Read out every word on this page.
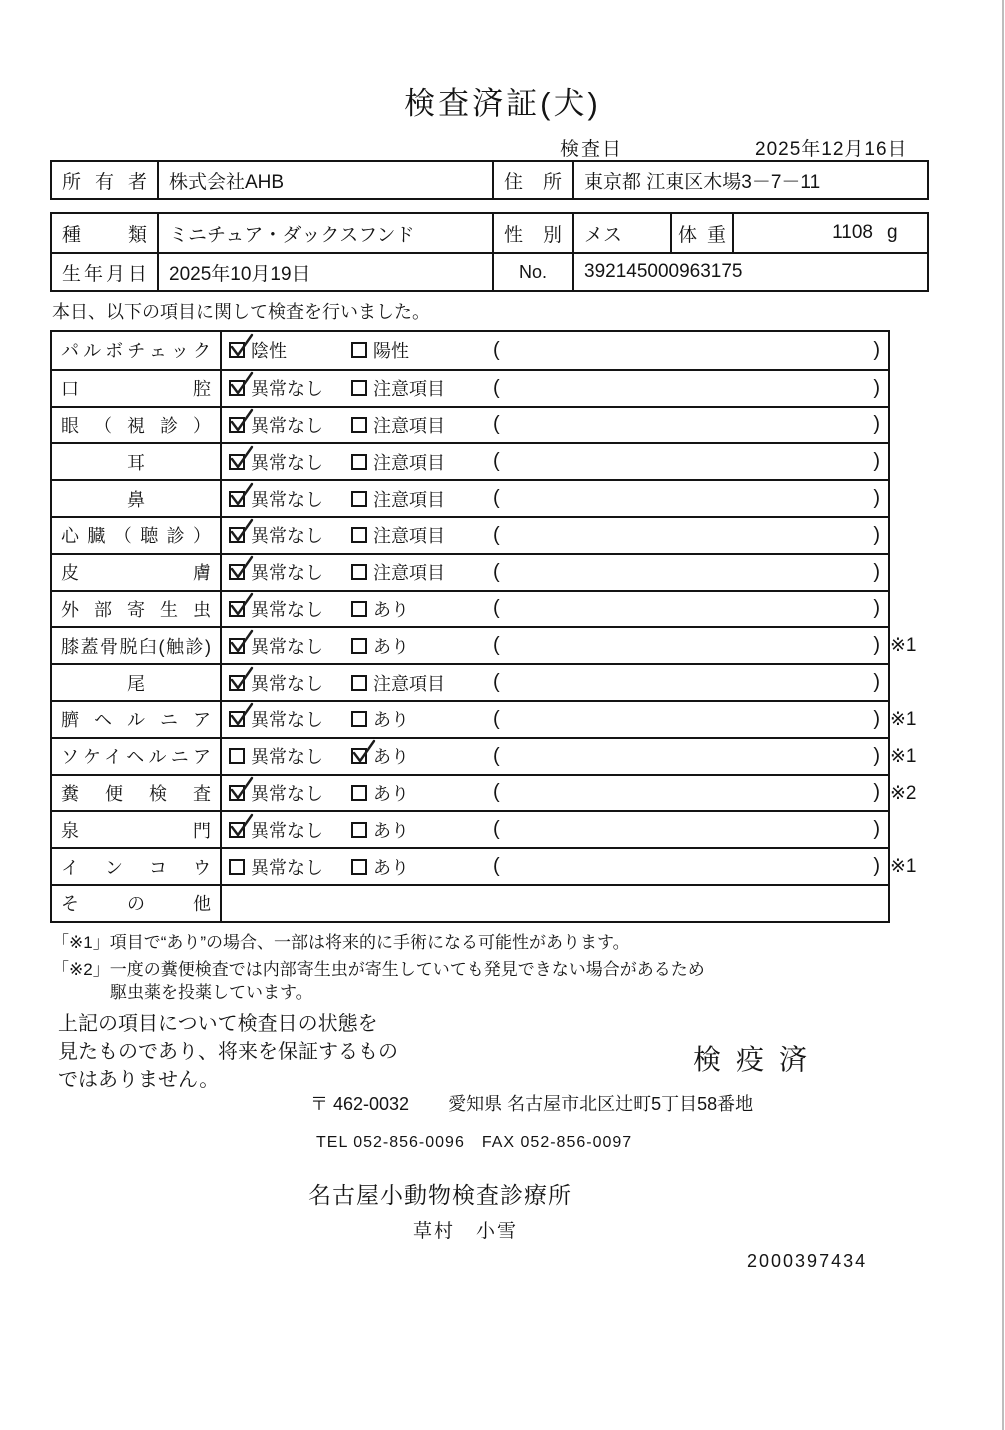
検査済証(犬)
検査日	2025年12月16日
所有者	株式会社AHB	住所	東京都 江東区木場3－7－11
種類	ミニチュア・ダックスフンド	性別	メス	体重	1108 g
生年月日	2025年10月19日	No.	392145000963175
本日、以下の項目に関して検査を行いました。
パルボチェック 陰性	陽性	(	)
口腔 異常なし	注意項目 (	)
眼（視診） 異常なし	注意項目 (	)
耳	異常なし	注意項目 (	)
鼻	異常なし	注意項目 (	)
心臓（聴診） 異常なし	注意項目 (	)
皮膚 異常なし	注意項目 (	)
外部寄生虫 異常なし	あり	(	)
膝蓋骨脱臼(触診) 異常なし	あり	(	) ※1
尾	異常なし	注意項目 (	)
臍ヘルニア 異常なし	あり	(	) ※1
ソケイヘルニア 異常なし	あり	(	) ※1
糞便検査 異常なし	あり	(	) ※2
泉門 異常なし	あり	(	)
インコウ 異常なし	あり	(	) ※1
その他
「※1」項目で“あり”の場合、一部は将来的に手術になる可能性があります。
「※2」一度の糞便検査では内部寄生虫が寄生していても発見できない場合があるため
駆虫薬を投薬しています。
上記の項目について検査日の状態を
見たものであり、将来を保証するもの
ではありません。
検疫済
〒 462-0032 愛知県 名古屋市北区辻町5丁目58番地
TEL 052-856-0096　FAX 052-856-0097
名古屋小動物検査診療所
草村　小雪
2000397434
